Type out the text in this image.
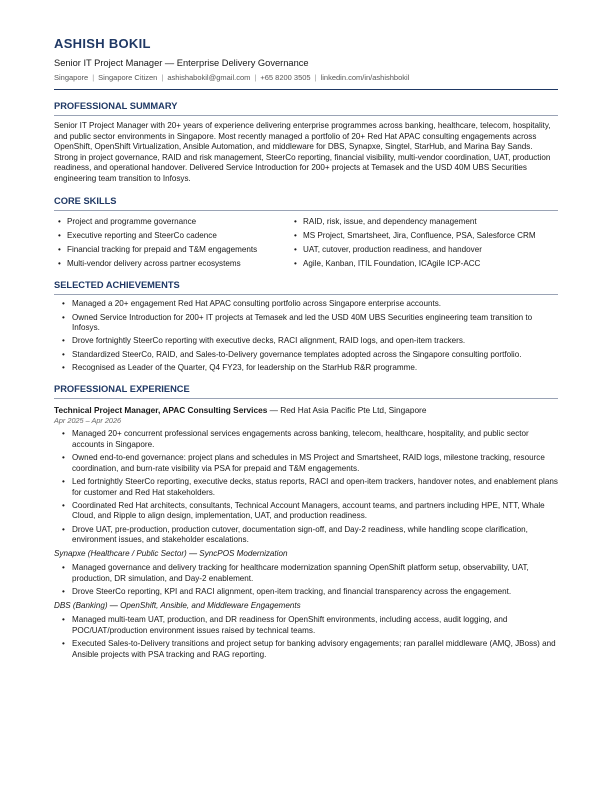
ASHISH BOKIL
Senior IT Project Manager — Enterprise Delivery Governance
Singapore | Singapore Citizen | ashishabokil@gmail.com | +65 8200 3505 | linkedin.com/in/ashishbokil
PROFESSIONAL SUMMARY
Senior IT Project Manager with 20+ years of experience delivering enterprise programmes across banking, healthcare, telecom, hospitality, and public sector environments in Singapore. Most recently managed a portfolio of 20+ Red Hat APAC consulting engagements across OpenShift, OpenShift Virtualization, Ansible Automation, and middleware for DBS, Synapxe, Singtel, StarHub, and Marina Bay Sands. Strong in project governance, RAID and risk management, SteerCo reporting, financial visibility, multi-vendor coordination, UAT, production readiness, and operational handover. Delivered Service Introduction for 200+ projects at Temasek and the USD 40M UBS Securities engineering team transition to Infosys.
CORE SKILLS
• Project and programme governance	• RAID, risk, issue, and dependency management
• Executive reporting and SteerCo cadence	• MS Project, Smartsheet, Jira, Confluence, PSA, Salesforce CRM
• Financial tracking for prepaid and T&M engagements	• UAT, cutover, production readiness, and handover
• Multi-vendor delivery across partner ecosystems	• Agile, Kanban, ITIL Foundation, ICAgile ICP-ACC
SELECTED ACHIEVEMENTS
• Managed a 20+ engagement Red Hat APAC consulting portfolio across Singapore enterprise accounts.
• Owned Service Introduction for 200+ IT projects at Temasek and led the USD 40M UBS Securities engineering team transition to Infosys.
• Drove fortnightly SteerCo reporting with executive decks, RACI alignment, RAID logs, and open-item trackers.
• Standardized SteerCo, RAID, and Sales-to-Delivery governance templates adopted across the Singapore consulting portfolio.
• Recognised as Leader of the Quarter, Q4 FY23, for leadership on the StarHub R&R programme.
PROFESSIONAL EXPERIENCE
Technical Project Manager, APAC Consulting Services — Red Hat Asia Pacific Pte Ltd, Singapore
Apr 2025 – Apr 2026
• Managed 20+ concurrent professional services engagements across banking, telecom, healthcare, hospitality, and public sector accounts in Singapore.
• Owned end-to-end governance: project plans and schedules in MS Project and Smartsheet, RAID logs, milestone tracking, resource coordination, and burn-rate visibility via PSA for prepaid and T&M engagements.
• Led fortnightly SteerCo reporting, executive decks, status reports, RACI and open-item trackers, handover notes, and enablement plans for customer and Red Hat stakeholders.
• Coordinated Red Hat architects, consultants, Technical Account Managers, account teams, and partners including HPE, NTT, Whale Cloud, and Ripple to align design, implementation, UAT, and production readiness.
• Drove UAT, pre-production, production cutover, documentation sign-off, and Day-2 readiness, while handling scope clarification, environment issues, and stakeholder escalations.
Synapxe (Healthcare / Public Sector) — SyncPOS Modernization
• Managed governance and delivery tracking for healthcare modernization spanning OpenShift platform setup, observability, UAT, production, DR simulation, and Day-2 enablement.
• Drove SteerCo reporting, KPI and RACI alignment, open-item tracking, and financial transparency across the engagement.
DBS (Banking) — OpenShift, Ansible, and Middleware Engagements
• Managed multi-team UAT, production, and DR readiness for OpenShift environments, including access, audit logging, and POC/UAT/production environment issues raised by technical teams.
• Executed Sales-to-Delivery transitions and project setup for banking advisory engagements; ran parallel middleware (AMQ, JBoss) and Ansible projects with PSA tracking and RAG reporting.
